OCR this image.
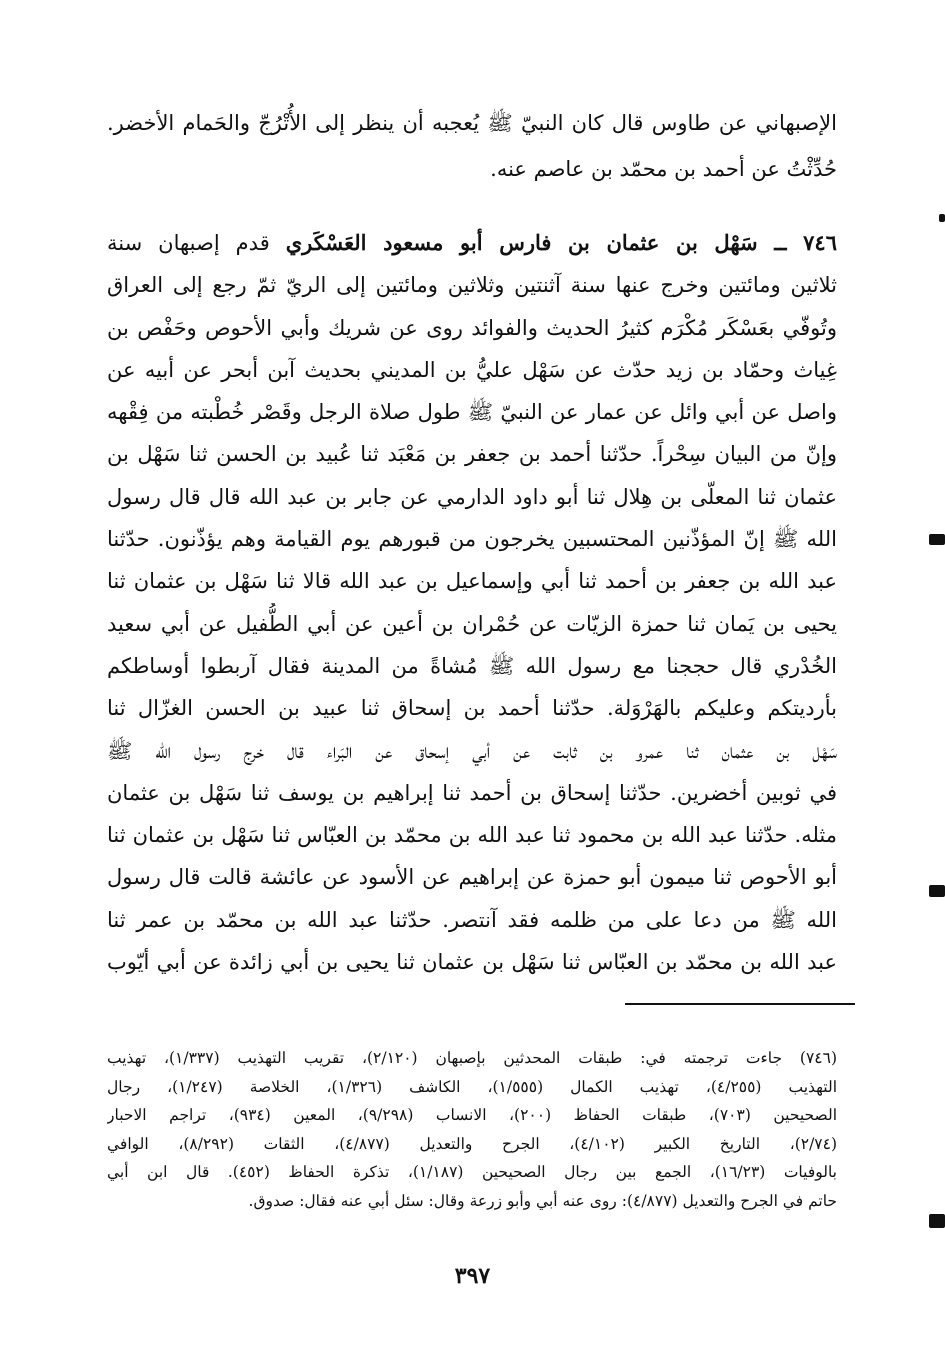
الإصبهاني عن طاوس قال كان النبيّ ﷺ يُعجبه أن ينظر إلى الأُتْرُجّ والحَمام الأخضر.
حُدِّثْتُ عن أحمد بن محمّد بن عاصم عنه.
٧٤٦ ــ سَهْل بن عثمان بن فارس أبو مسعود العَسْكَري قدم إصبهان سنة
ثلاثين ومائتين وخرج عنها سنة آثنتين وثلاثين ومائتين إلى الريّ ثمّ رجع إلى العراق
وتُوفّي بعَسْكَر مُكْرَم كثيرُ الحديث والفوائد روى عن شريك وأبي الأحوص وحَفْص بن
غِياث وحمّاد بن زيد حدّث عن سَهْل عليُّ بن المديني بحديث آبن أبحر عن أبيه عن
واصل عن أبي وائل عن عمار عن النبيّ ﷺ طول صلاة الرجل وقَصْر خُطْبته من فِقْهه
وإنّ من البيان سِحْراً. حدّثنا أحمد بن جعفر بن مَعْبَد ثنا عُبيد بن الحسن ثنا سَهْل بن
عثمان ثنا المعلّى بن هِلال ثنا أبو داود الدارمي عن جابر بن عبد الله قال قال رسول
الله ﷺ إنّ المؤذّنين المحتسبين يخرجون من قبورهم يوم القيامة وهم يؤذّنون. حدّثنا
عبد الله بن جعفر بن أحمد ثنا أبي وإسماعيل بن عبد الله قالا ثنا سَهْل بن عثمان ثنا
يحيى بن يَمان ثنا حمزة الزيّات عن حُمْران بن أعين عن أبي الطُّفيل عن أبي سعيد
الخُدْري قال حججنا مع رسول الله ﷺ مُشاةً من المدينة فقال آربطوا أوساطكم
بأرديتكم وعليكم بالهَرْوَلة. حدّثنا أحمد بن إسحاق ثنا عبيد بن الحسن الغزّال ثنا
سَهْل بن عثمان ثنا عمرو بن ثابت عن أبي إسحاق عن البَراء قال خرج رسول الله ﷺ
في ثوبين أخضرين. حدّثنا إسحاق بن أحمد ثنا إبراهيم بن يوسف ثنا سَهْل بن عثمان
مثله. حدّثنا عبد الله بن محمود ثنا عبد الله بن محمّد بن العبّاس ثنا سَهْل بن عثمان ثنا
أبو الأحوص ثنا ميمون أبو حمزة عن إبراهيم عن الأسود عن عائشة قالت قال رسول
الله ﷺ من دعا على من ظلمه فقد آنتصر. حدّثنا عبد الله بن محمّد بن عمر ثنا
عبد الله بن محمّد بن العبّاس ثنا سَهْل بن عثمان ثنا يحيى بن أبي زائدة عن أبي أيّوب
(٧٤٦) جاءت ترجمته في: طبقات المحدثين بإصبهان (٢/١٢٠)، تقريب التهذيب (١/٣٣٧)، تهذيب
التهذيب (٤/٢٥٥)، تهذيب الكمال (١/٥٥٥)، الكاشف (١/٣٢٦)، الخلاصة (١/٢٤٧)، رجال
الصحيحين (٧٠٣)، طبقات الحفاظ (٢٠٠)، الانساب (٩/٢٩٨)، المعين (٩٣٤)، تراجم الاحبار
(٢/٧٤)، التاريخ الكبير (٤/١٠٢)، الجرح والتعديل (٤/٨٧٧)، الثقات (٨/٢٩٢)، الوافي
بالوفيات (١٦/٢٣)، الجمع بين رجال الصحيحين (١/١٨٧)، تذكرة الحفاظ (٤٥٢). قال ابن أبي
حاتم في الجرح والتعديل (٤/٨٧٧): روى عنه أبي وأبو زرعة وقال: سئل أبي عنه فقال: صدوق.
٣٩٧
